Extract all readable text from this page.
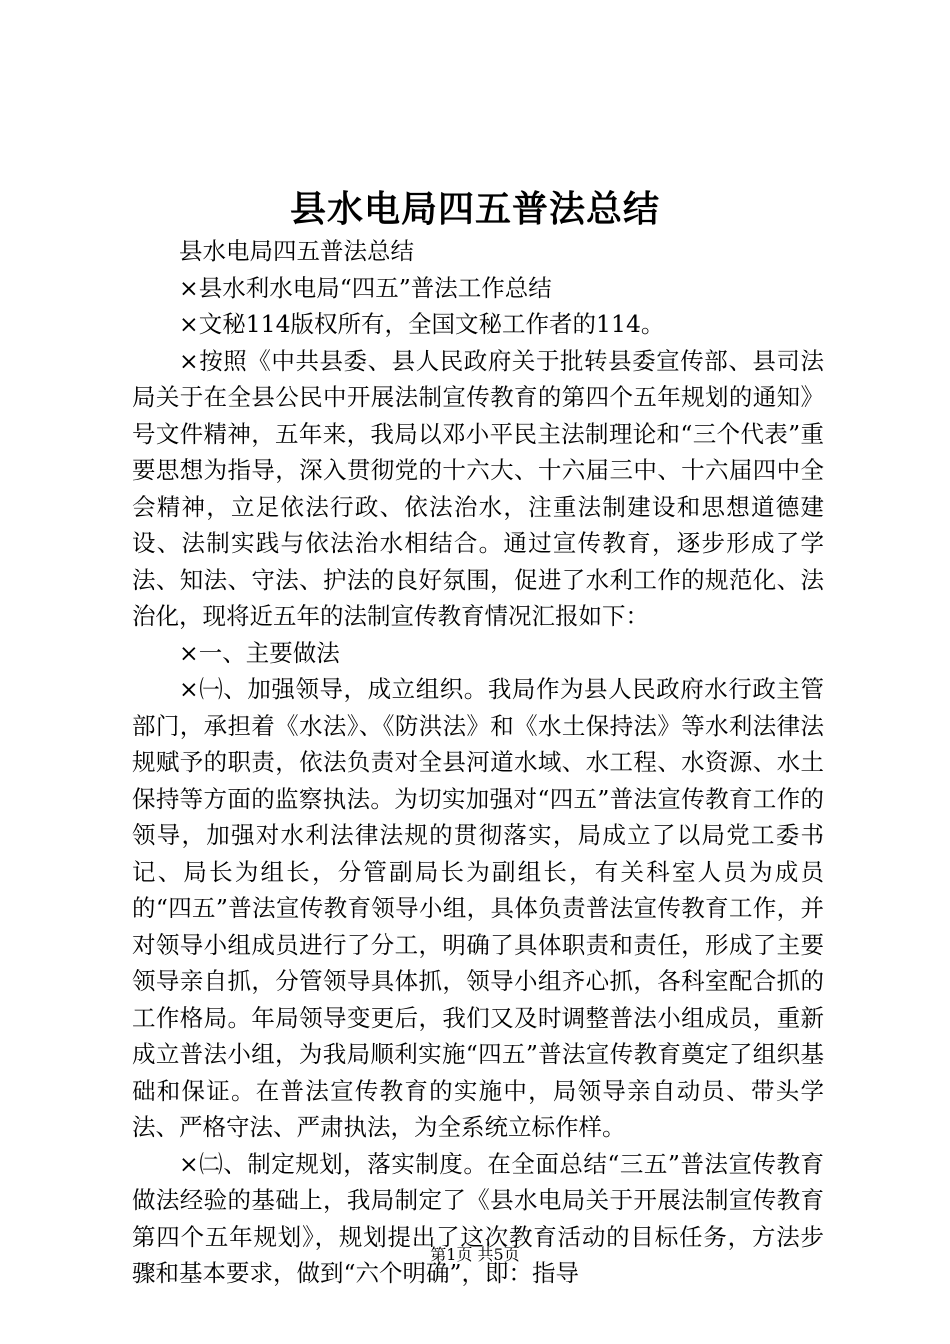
县水电局四五普法总结

县水电局四五普法总结

×县水利水电局“四五”普法工作总结

×文秘114版权所有，全国文秘工作者的114。

×按照《中共县委、县人民政府关于批转县委宣传部、县司法局关于在全县公民中开展法制宣传教育的第四个五年规划的通知》号文件精神，五年来，我局以邓小平民主法制理论和“三个代表”重要思想为指导，深入贯彻党的十六大、十六届三中、十六届四中全会精神，立足依法行政、依法治水，注重法制建设和思想道德建设、法制实践与依法治水相结合。通过宣传教育，逐步形成了学法、知法、守法、护法的良好氛围，促进了水利工作的规范化、法治化，现将近五年的法制宣传教育情况汇报如下：

×一、主要做法

×㈠、加强领导，成立组织。我局作为县人民政府水行政主管部门，承担着《水法》、《防洪法》和《水土保持法》等水利法律法规赋予的职责，依法负责对全县河道水域、水工程、水资源、水土保持等方面的监察执法。为切实加强对“四五”普法宣传教育工作的领导，加强对水利法律法规的贯彻落实，局成立了以局党工委书记、局长为组长，分管副局长为副组长，有关科室人员为成员的“四五”普法宣传教育领导小组，具体负责普法宣传教育工作，并对领导小组成员进行了分工，明确了具体职责和责任，形成了主要领导亲自抓，分管领导具体抓，领导小组齐心抓，各科室配合抓的工作格局。年局领导变更后，我们又及时调整普法小组成员，重新成立普法小组，为我局顺利实施“四五”普法宣传教育奠定了组织基础和保证。在普法宣传教育的实施中，局领导亲自动员、带头学法、严格守法、严肃执法，为全系统立标作样。

×㈡、制定规划，落实制度。在全面总结“三五”普法宣传教育做法经验的基础上，我局制定了《县水电局关于开展法制宣传教育第四个五年规划》，规划提出了这次教育活动的目标任务，方法步骤和基本要求，做到“六个明确”，即：指导

第1页 共5页
